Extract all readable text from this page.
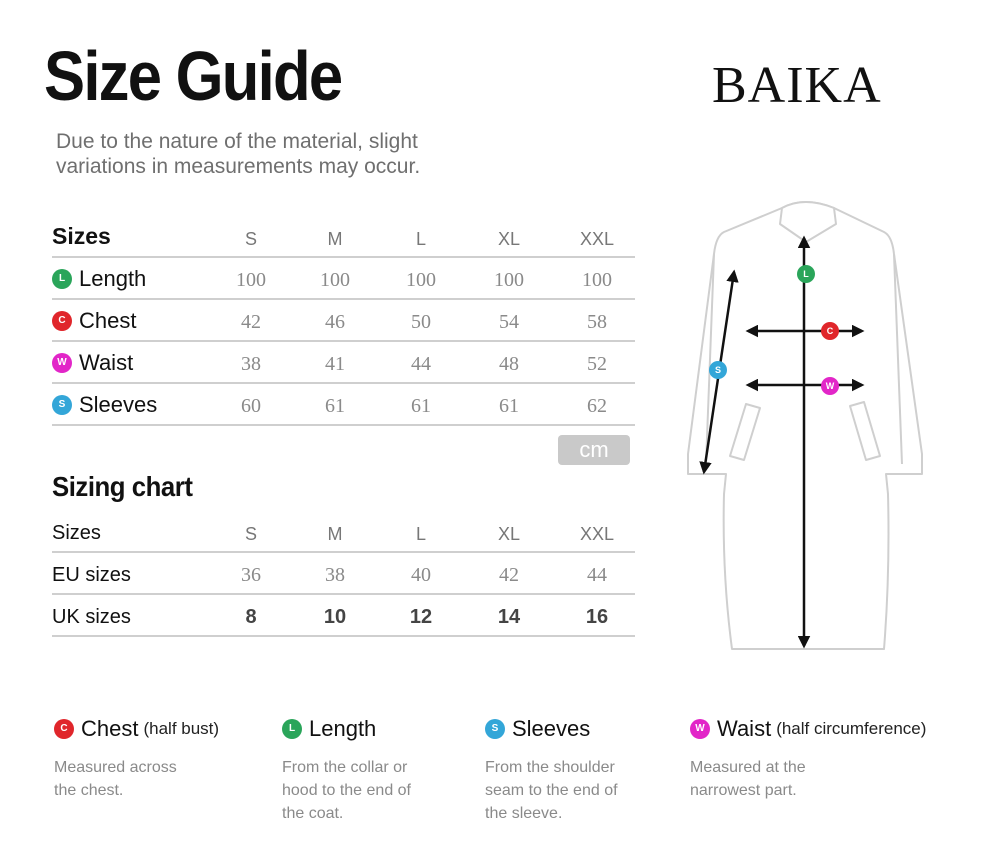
Size Guide	BAIKA
Due to the nature of the material, slight
variations in measurements may occur.
Sizes	S	M	L	XL	XXL
L Length	100	100	100	100	100
C Chest	42	46	50	54	58
W Waist	38	41	44	48	52
S Sleeves	60	61	61	61	62
cm
Sizing chart
Sizes	S	M	L	XL	XXL
EU sizes	36	38	40	42	44
UK sizes	8	10	12	14	16
L
C
W
S
C Chest (half bust)
Measured across
the chest.
L Length
From the collar or
hood to the end of
the coat.
S Sleeves
From the shoulder
seam to the end of
the sleeve.
W Waist (half circumference)
Measured at the
narrowest part.
